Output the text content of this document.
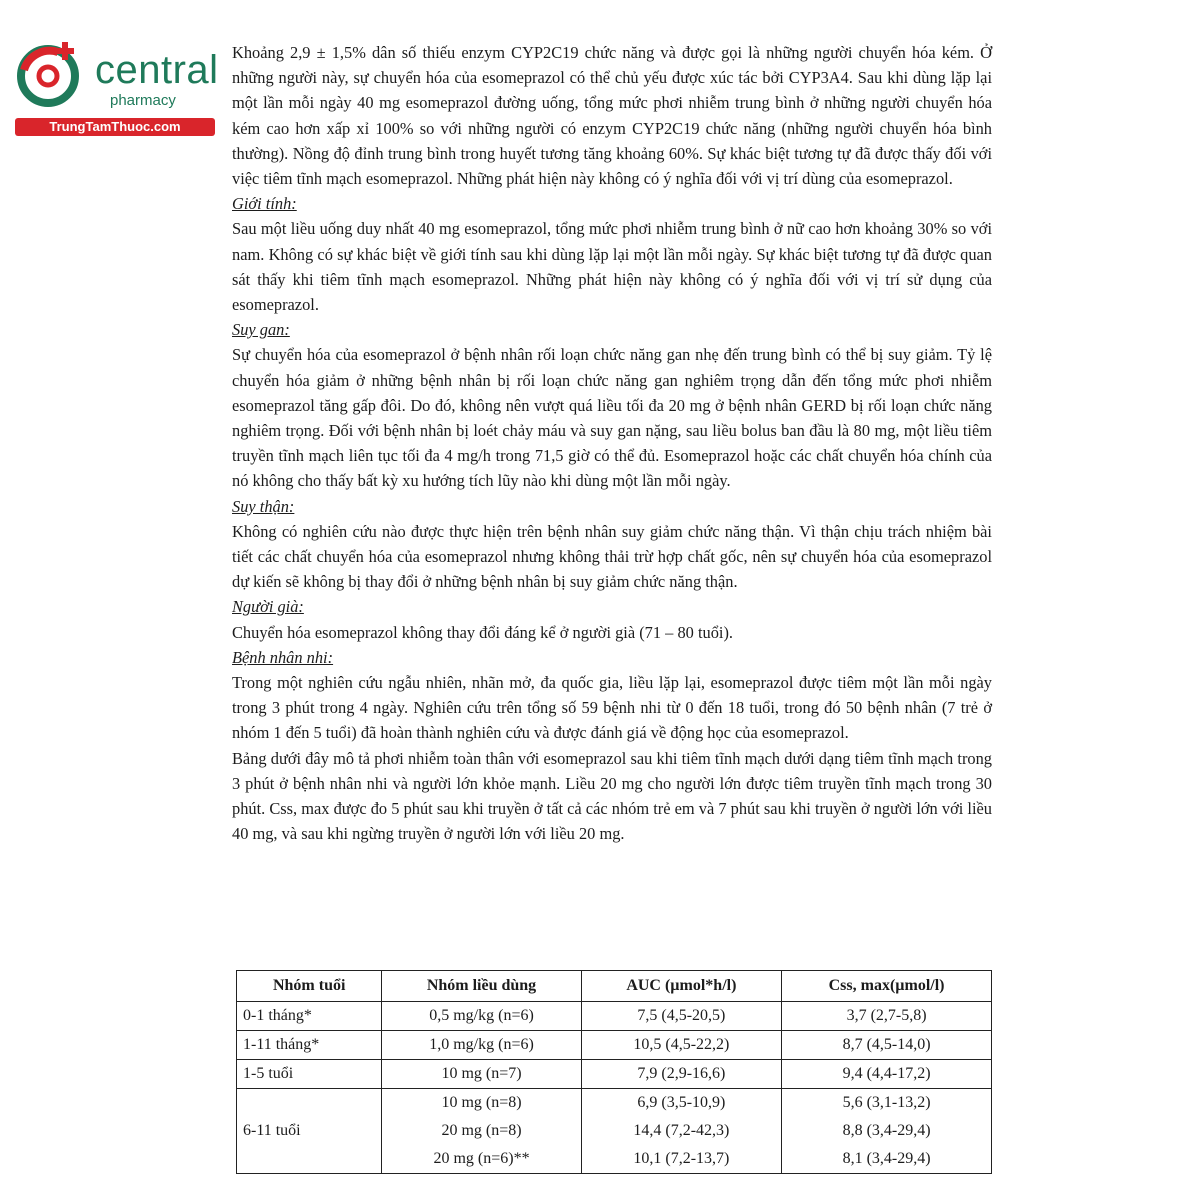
central
pharmacy
TrungTamThuoc.com

Khoảng 2,9 ± 1,5% dân số thiếu enzym CYP2C19 chức năng và được gọi là những người chuyển hóa kém. Ở những người này, sự chuyển hóa của esomeprazol có thể chủ yếu được xúc tác bởi CYP3A4. Sau khi dùng lặp lại một lần mỗi ngày 40 mg esomeprazol đường uống, tổng mức phơi nhiễm trung bình ở những người chuyển hóa kém cao hơn xấp xỉ 100% so với những người có enzym CYP2C19 chức năng (những người chuyển hóa bình thường). Nồng độ đỉnh trung bình trong huyết tương tăng khoảng 60%. Sự khác biệt tương tự đã được thấy đối với việc tiêm tĩnh mạch esomeprazol. Những phát hiện này không có ý nghĩa đối với vị trí dùng của esomeprazol.

Giới tính:

Sau một liều uống duy nhất 40 mg esomeprazol, tổng mức phơi nhiễm trung bình ở nữ cao hơn khoảng 30% so với nam. Không có sự khác biệt về giới tính sau khi dùng lặp lại một lần mỗi ngày. Sự khác biệt tương tự đã được quan sát thấy khi tiêm tĩnh mạch esomeprazol. Những phát hiện này không có ý nghĩa đối với vị trí sử dụng của esomeprazol.

Suy gan:

Sự chuyển hóa của esomeprazol ở bệnh nhân rối loạn chức năng gan nhẹ đến trung bình có thể bị suy giảm. Tỷ lệ chuyển hóa giảm ở những bệnh nhân bị rối loạn chức năng gan nghiêm trọng dẫn đến tổng mức phơi nhiễm esomeprazol tăng gấp đôi. Do đó, không nên vượt quá liều tối đa 20 mg ở bệnh nhân GERD bị rối loạn chức năng nghiêm trọng. Đối với bệnh nhân bị loét chảy máu và suy gan nặng, sau liều bolus ban đầu là 80 mg, một liều tiêm truyền tĩnh mạch liên tục tối đa 4 mg/h trong 71,5 giờ có thể đủ. Esomeprazol hoặc các chất chuyển hóa chính của nó không cho thấy bất kỳ xu hướng tích lũy nào khi dùng một lần mỗi ngày.

Suy thận:

Không có nghiên cứu nào được thực hiện trên bệnh nhân suy giảm chức năng thận. Vì thận chịu trách nhiệm bài tiết các chất chuyển hóa của esomeprazol nhưng không thải trừ hợp chất gốc, nên sự chuyển hóa của esomeprazol dự kiến sẽ không bị thay đổi ở những bệnh nhân bị suy giảm chức năng thận.

Người già:

Chuyển hóa esomeprazol không thay đổi đáng kể ở người già (71 – 80 tuổi).

Bệnh nhân nhi:

Trong một nghiên cứu ngẫu nhiên, nhãn mở, đa quốc gia, liều lặp lại, esomeprazol được tiêm một lần mỗi ngày trong 3 phút trong 4 ngày. Nghiên cứu trên tổng số 59 bệnh nhi từ 0 đến 18 tuổi, trong đó 50 bệnh nhân (7 trẻ ở nhóm 1 đến 5 tuổi) đã hoàn thành nghiên cứu và được đánh giá về động học của esomeprazol.

Bảng dưới đây mô tả phơi nhiễm toàn thân với esomeprazol sau khi tiêm tĩnh mạch dưới dạng tiêm tĩnh mạch trong 3 phút ở bệnh nhân nhi và người lớn khỏe mạnh. Liều 20 mg cho người lớn được tiêm truyền tĩnh mạch trong 30 phút. Css, max được đo 5 phút sau khi truyền ở tất cả các nhóm trẻ em và 7 phút sau khi truyền ở người lớn với liều 40 mg, và sau khi ngừng truyền ở người lớn với liều 20 mg.

Nhóm tuổi	Nhóm liều dùng	AUC (µmol*h/l)	Css, max(µmol/l)
0-1 tháng*	0,5 mg/kg (n=6)	7,5 (4,5-20,5)	3,7 (2,7-5,8)
1-11 tháng*	1,0 mg/kg (n=6)	10,5 (4,5-22,2)	8,7 (4,5-14,0)
1-5 tuổi	10 mg (n=7)	7,9 (2,9-16,6)	9,4 (4,4-17,2)
6-11 tuổi	10 mg (n=8)	6,9 (3,5-10,9)	5,6 (3,1-13,2)
	20 mg (n=8)	14,4 (7,2-42,3)	8,8 (3,4-29,4)
	20 mg (n=6)**	10,1 (7,2-13,7)	8,1 (3,4-29,4)
